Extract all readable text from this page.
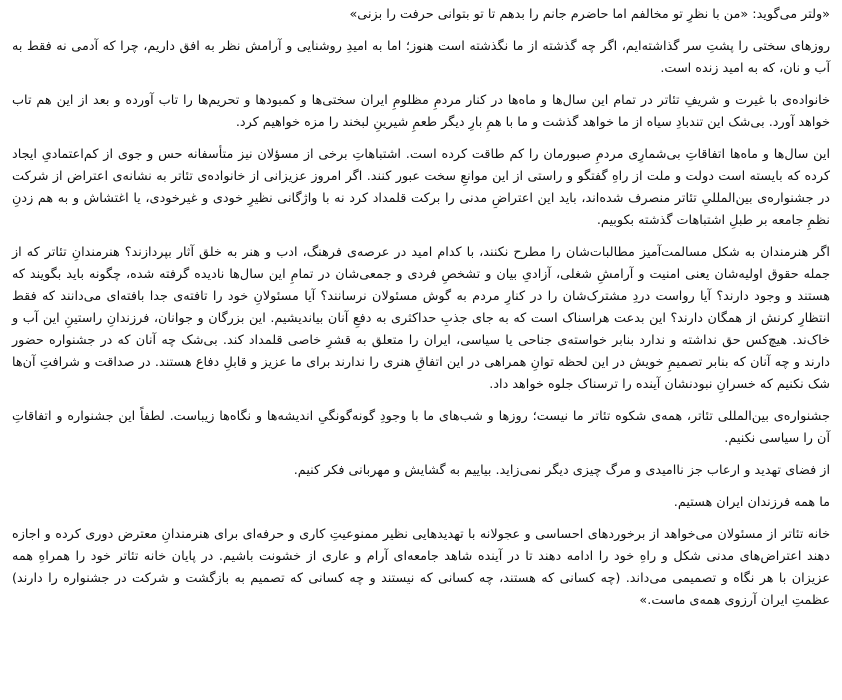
«ولتر می‌گوید: «من با نظرِ تو مخالفم اما حاضرم جانم را بدهم تا تو بتوانی حرفت را بزنی»

روزهای سختی را پشتِ سر گذاشته‌ایم، اگر چه گذشته از ما نگذشته است هنوز؛ اما به امیدِ روشنایی و آرامش نظر به افق داریم، چرا که آدمی نه فقط به آب و نان، که به امید زنده است.

خانواده‌ی با غیرت و شریفِ تئاتر در تمام این سال‌ها و ماه‌ها در کنار مردمِ مظلومِ ایران سختی‌ها و کمبودها و تحریم‌ها را تاب آورده و بعد از این هم تاب خواهد آورد. بی‌شک این تندبادِ سیاه از ما خواهد گذشت و ما با همِ بارِ دیگر طعمِ شیرینِ لبخند را مزه خواهیم کرد.

این سال‌ها و ماه‌ها اتفاقاتِ بی‌شمارِی مردمِ صبورمان را کم طاقت کرده است. اشتباهاتِ برخی از مسؤلان نیز متأسفانه حس و جوی از کم‌اعتمادیِ ایجاد کرده که بایسته است دولت و ملت از راهِ گفتگو و راستی از این موانعِ سخت عبور کنند. اگر امروز عزیزانی از خانواده‌ی تئاتر به نشانه‌ی اعتراض از شرکت در جشنواره‌ی بین‌المللیِ تئاتر منصرف شده‌اند، باید این اعتراضِ مدنی را برکت قلمداد کرد نه با واژگانی نظیرِ خودی و غیرخودی، یا اغتشاش و به هم زدنِ نظمِ جامعه بر طبلِ اشتباهات گذشته بکوبیم.

اگر هنرمندان به شکل مسالمت‌آمیز مطالبات‌شان را مطرح نکنند، با کدام امید در عرصه‌ی فرهنگ، ادب و هنر به خلق آثار بپردازند؟ هنرمندانِ تئاتر که از جمله حقوق اولیه‌شان یعنی امنیت و آرامشِ شغلی، آزادیِ بیان و تشخصِ فردی و جمعی‌شان در تمامِ این سال‌ها نادیده گرفته شده، چگونه باید بگویند که هستند و وجود دارند؟ آیا رواست دردِ مشترک‌شان را در کنارِ مردم به گوش مسئولان نرسانند؟ آیا مسئولانِ خود را تافته‌ی جدا بافته‌ای می‌دانند که فقط انتظارِ کرنش از همگان دارند؟ این بدعت هراسناک است که به جای جذبِ حداکثری به دفعِ آنان بیاندیشیم. این بزرگان و جوانان، فرزندانِ راستینِ این آب و خاک‌ند. هیچ‌کس حق نداشته و ندارد بنابر خواسته‌ی جناحی یا سیاسی، ایران را متعلق به قشرِ خاصی قلمداد کند. بی‌شک چه آنان که در جشنواره حضور دارند و چه آنان که بنابر تصمیمِ خویش در این لحظه توانِ همراهی در این اتفاقِ هنری را ندارند برای ما عزیز و قابلِ دفاع هستند. در صداقت و شرافتِ آن‌ها شک نکنیم که خسرانِ نبودنشان آینده را ترسناک جلوه خواهد داد.

جشنواره‌ی بین‌المللی تئاتر، همه‌ی شکوه تئاتر ما نیست؛ روزها و شب‌های ما با وجودِ گونه‌گونگیِ اندیشه‌ها و نگاه‌ها زیباست. لطفاً این جشنواره و اتفاقاتِ آن را سیاسی نکنیم.

از فضای تهدید و ارعاب جز ناامیدی و مرگ چیزی دیگر نمی‌زاید. بیاییم به گشایش و مهربانی فکر کنیم.

ما همه فرزندان ایران هستیم.

خانه تئاتر از مسئولان می‌خواهد از برخوردهای احساسی و عجولانه با تهدیدهایی نظیر ممنوعیتِ کاری و حرفه‌ای برای هنرمندانِ معترض دوری کرده و اجازه دهند اعتراض‌های مدنی شکل و راهِ خود را ادامه دهند تا در آینده شاهد جامعه‌ای آرام و عاری از خشونت باشیم. در پایان خانه تئاتر خود را همراهِ همه عزیزان با هر نگاه و تصمیمی می‌داند. (چه کسانی که هستند، چه کسانی که نیستند و چه کسانی که تصمیم به بازگشت و شرکت در جشنواره را دارند) عظمتِ ایران آرزوی همه‌ی ماست.»
